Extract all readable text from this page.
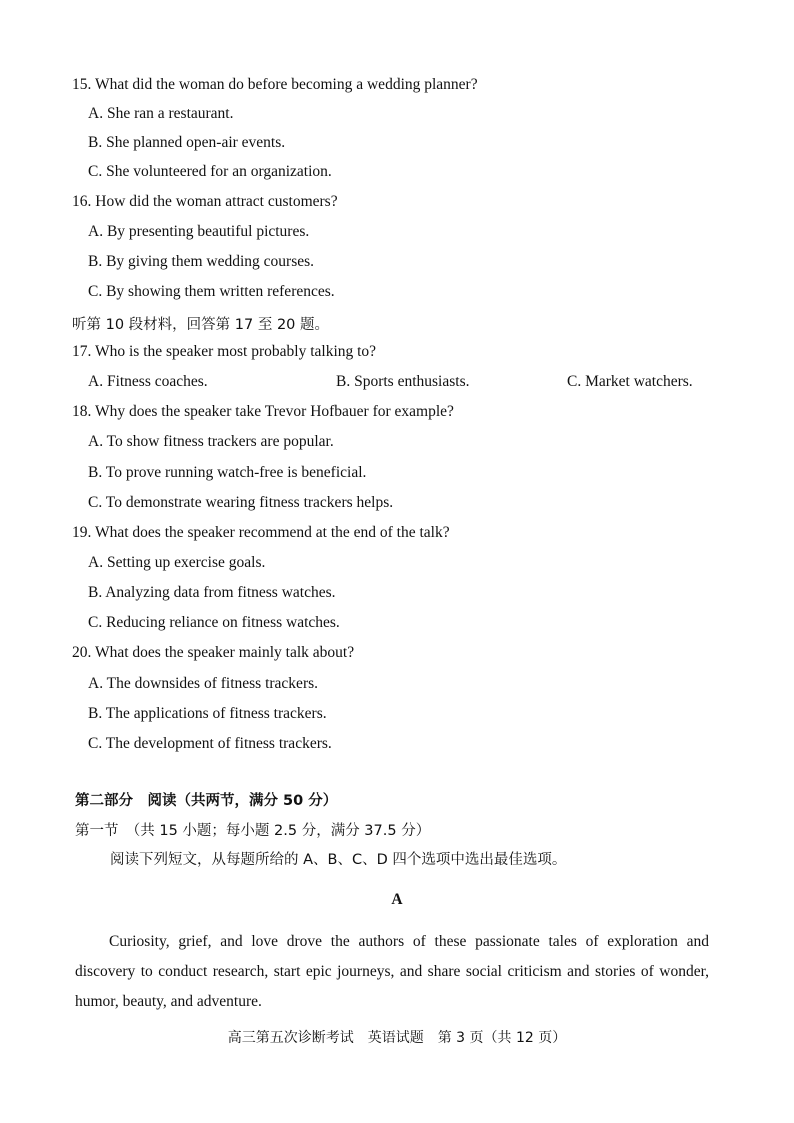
15. What did the woman do before becoming a wedding planner?
A. She ran a restaurant.
B. She planned open-air events.
C. She volunteered for an organization.
16. How did the woman attract customers?
A. By presenting beautiful pictures.
B. By giving them wedding courses.
C. By showing them written references.
听第 10 段材料，回答第 17 至 20 题。
17. Who is the speaker most probably talking to?
A. Fitness coaches.	B. Sports enthusiasts.	C. Market watchers.
18. Why does the speaker take Trevor Hofbauer for example?
A. To show fitness trackers are popular.
B. To prove running watch-free is beneficial.
C. To demonstrate wearing fitness trackers helps.
19. What does the speaker recommend at the end of the talk?
A. Setting up exercise goals.
B. Analyzing data from fitness watches.
C. Reducing reliance on fitness watches.
20. What does the speaker mainly talk about?
A. The downsides of fitness trackers.
B. The applications of fitness trackers.
C. The development of fitness trackers.
第二部分　阅读（共两节，满分 50 分）
第一节　（共 15 小题；每小题 2.5 分，满分 37.5 分）
阅读下列短文，从每题所给的 A、B、C、D 四个选项中选出最佳选项。
A
Curiosity, grief, and love drove the authors of these passionate tales of exploration and discovery to conduct research, start epic journeys, and share social criticism and stories of wonder, humor, beauty, and adventure.
高三第五次诊断考试　英语试题　第 3 页（共 12 页）
